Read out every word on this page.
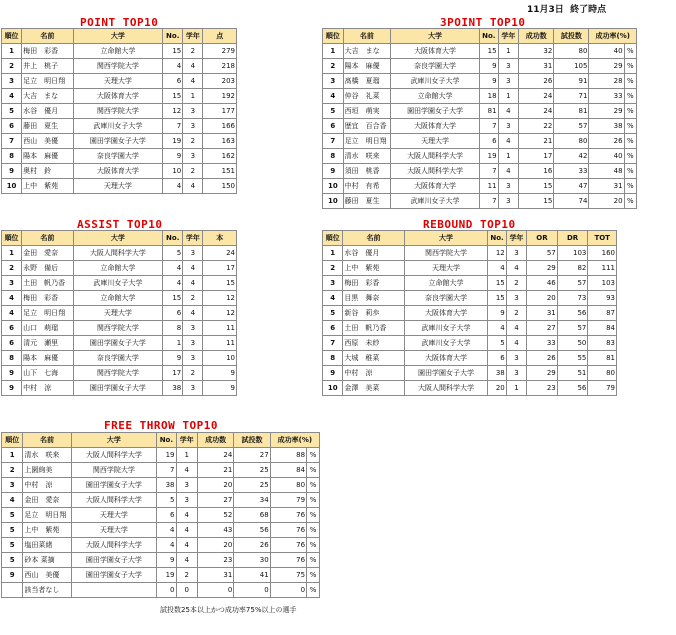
11月3日 終了時点
POINT TOP10
順位	名前	大学	No.	学年	点
1	梅田　彩香	立命館大学	15	2	279
2	井上　桃子	関西学院大学	4	4	218
3	足立　明日翔	天理大学	6	4	203
4	大吉　まな	大阪体育大学	15	1	192
5	水谷　優月	関西学院大学	12	3	177
6	藤田　夏生	武庫川女子大学	7	3	166
7	西山　美優	園田学園女子大学	19	2	163
8	陽本　麻優	奈良学園大学	9	3	162
9	奥村　鈴	大阪体育大学	10	2	151
10	上中　紫苑	天理大学	4	4	150
3POINT TOP10
順位	名前	大学	No.	学年	成功数	試投数	成功率(%)	
1	大吉　まな	大阪体育大学	15	1	32	80	40	%
2	陽本　麻優	奈良学園大学	9	3	31	105	29	%
3	髙橋　夏瑠	武庫川女子大学	9	3	26	91	28	%
4	仲谷　礼菜	立命館大学	18	1	24	71	33	%
5	西垣　萌実	園田学園女子大学	81	4	24	81	29	%
6	歴宜　百合香	大阪体育大学	7	3	22	57	38	%
7	足立　明日翔	天理大学	6	4	21	80	26	%
8	清水　咲来	大阪人間科学大学	19	1	17	42	40	%
9	須田　桃香	大阪人間科学大学	7	4	16	33	48	%
10	中村　有希	大阪体育大学	11	3	15	47	31	%
10	藤田　夏生	武庫川女子大学	7	3	15	74	20	%
ASSIST TOP10
順位	名前	大学	No.	学年	本
1	金田　愛奈	大阪人間科学大学	5	3	24
2	永野　備后	立命館大学	4	4	17
3	土田　帆乃香	武庫川女子大学	4	4	15
4	梅田　彩香	立命館大学	15	2	12
4	足立　明日翔	天理大学	6	4	12
6	山口　萌瑠	関西学院大学	8	3	11
6	清元　瀬里	園田学園女子大学	1	3	11
8	陽本　麻優	奈良学園大学	9	3	10
9	山下　七海	関西学院大学	17	2	9
9	中村　涼	園田学園女子大学	38	3	9
REBOUND TOP10
順位	名前	大学	No.	学年	OR	DR	TOT
1	水谷　優月	関西学院大学	12	3	57	103	160
2	上中　紫苑	天理大学	4	4	29	82	111
3	梅田　彩香	立命館大学	15	2	46	57	103
4	目黒　舞奈	奈良学園大学	15	3	20	73	93
5	新谷　莉歩	大阪体育大学	9	2	31	56	87
6	土田　帆乃香	武庫川女子大学	4	4	27	57	84
7	西原　未紗	武庫川女子大学	5	4	33	50	83
8	大城　稚菜	大阪体育大学	6	3	26	55	81
9	中村　涼	園田学園女子大学	38	3	29	51	80
10	金澤　美菜	大阪人間科学大学	20	1	23	56	79
FREE THROW TOP10
順位	名前	大学	No.	学年	成功数	試投数	成功率(%)	
1	清水　咲来	大阪人間科学大学	19	1	24	27	88	%
2	上園絢美	関西学院大学	7	4	21	25	84	%
3	中村　涼	園田学園女子大学	38	3	20	25	80	%
4	金田　愛奈	大阪人間科学大学	5	3	27	34	79	%
5	足立　明日翔	天理大学	6	4	52	68	76	%
5	上中　紫苑	天理大学	4	4	43	56	76	%
5	塩田菜緒	大阪人間科学大学	4	4	20	26	76	%
5	砂本 菜摘	園田学園女子大学	9	4	23	30	76	%
9	西山　美優	園田学園女子大学	19	2	31	41	75	%
	該当者なし		0	0	0	0	0	%
試投数25本以上かつ成功率75%以上の選手
